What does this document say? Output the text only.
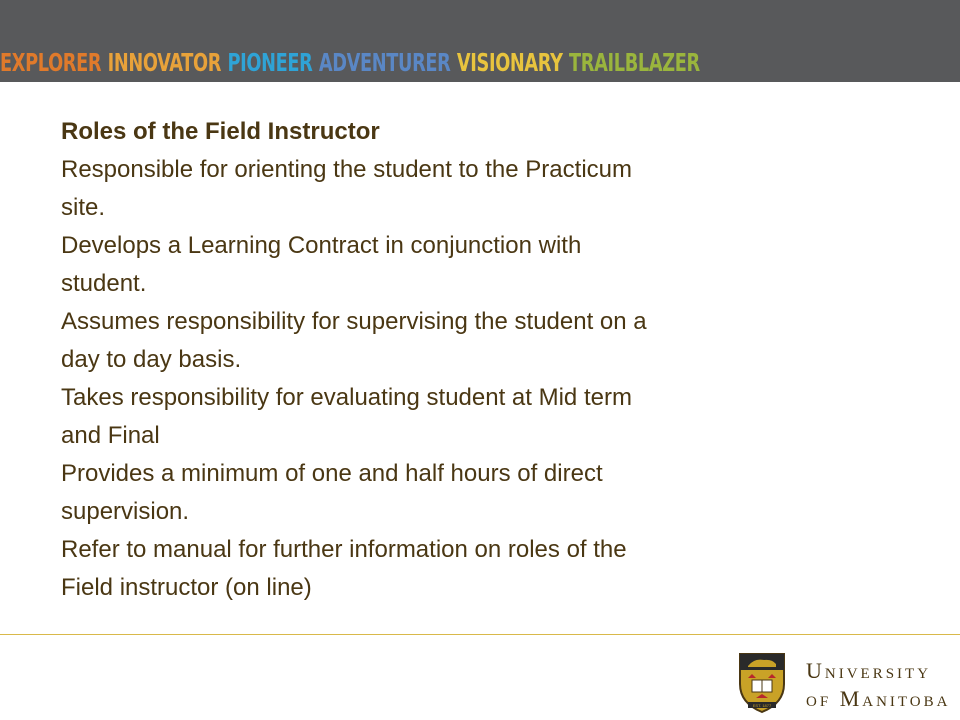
EXPLORER INNOVATOR PIONEER ADVENTURER VISIONARY TRAILBLAZER

Roles of the Field Instructor

Responsible for orienting the student to the Practicum

site.

Develops a Learning Contract in conjunction with

student.

Assumes responsibility for supervising the student on a

day to day basis.

Takes responsibility for evaluating student at Mid term

and Final

Provides a minimum of one and half hours of direct

supervision.

Refer to manual for further information on roles of the

Field instructor (on line)

EST. 1877
UNIVERSITY
OF MANITOBA
